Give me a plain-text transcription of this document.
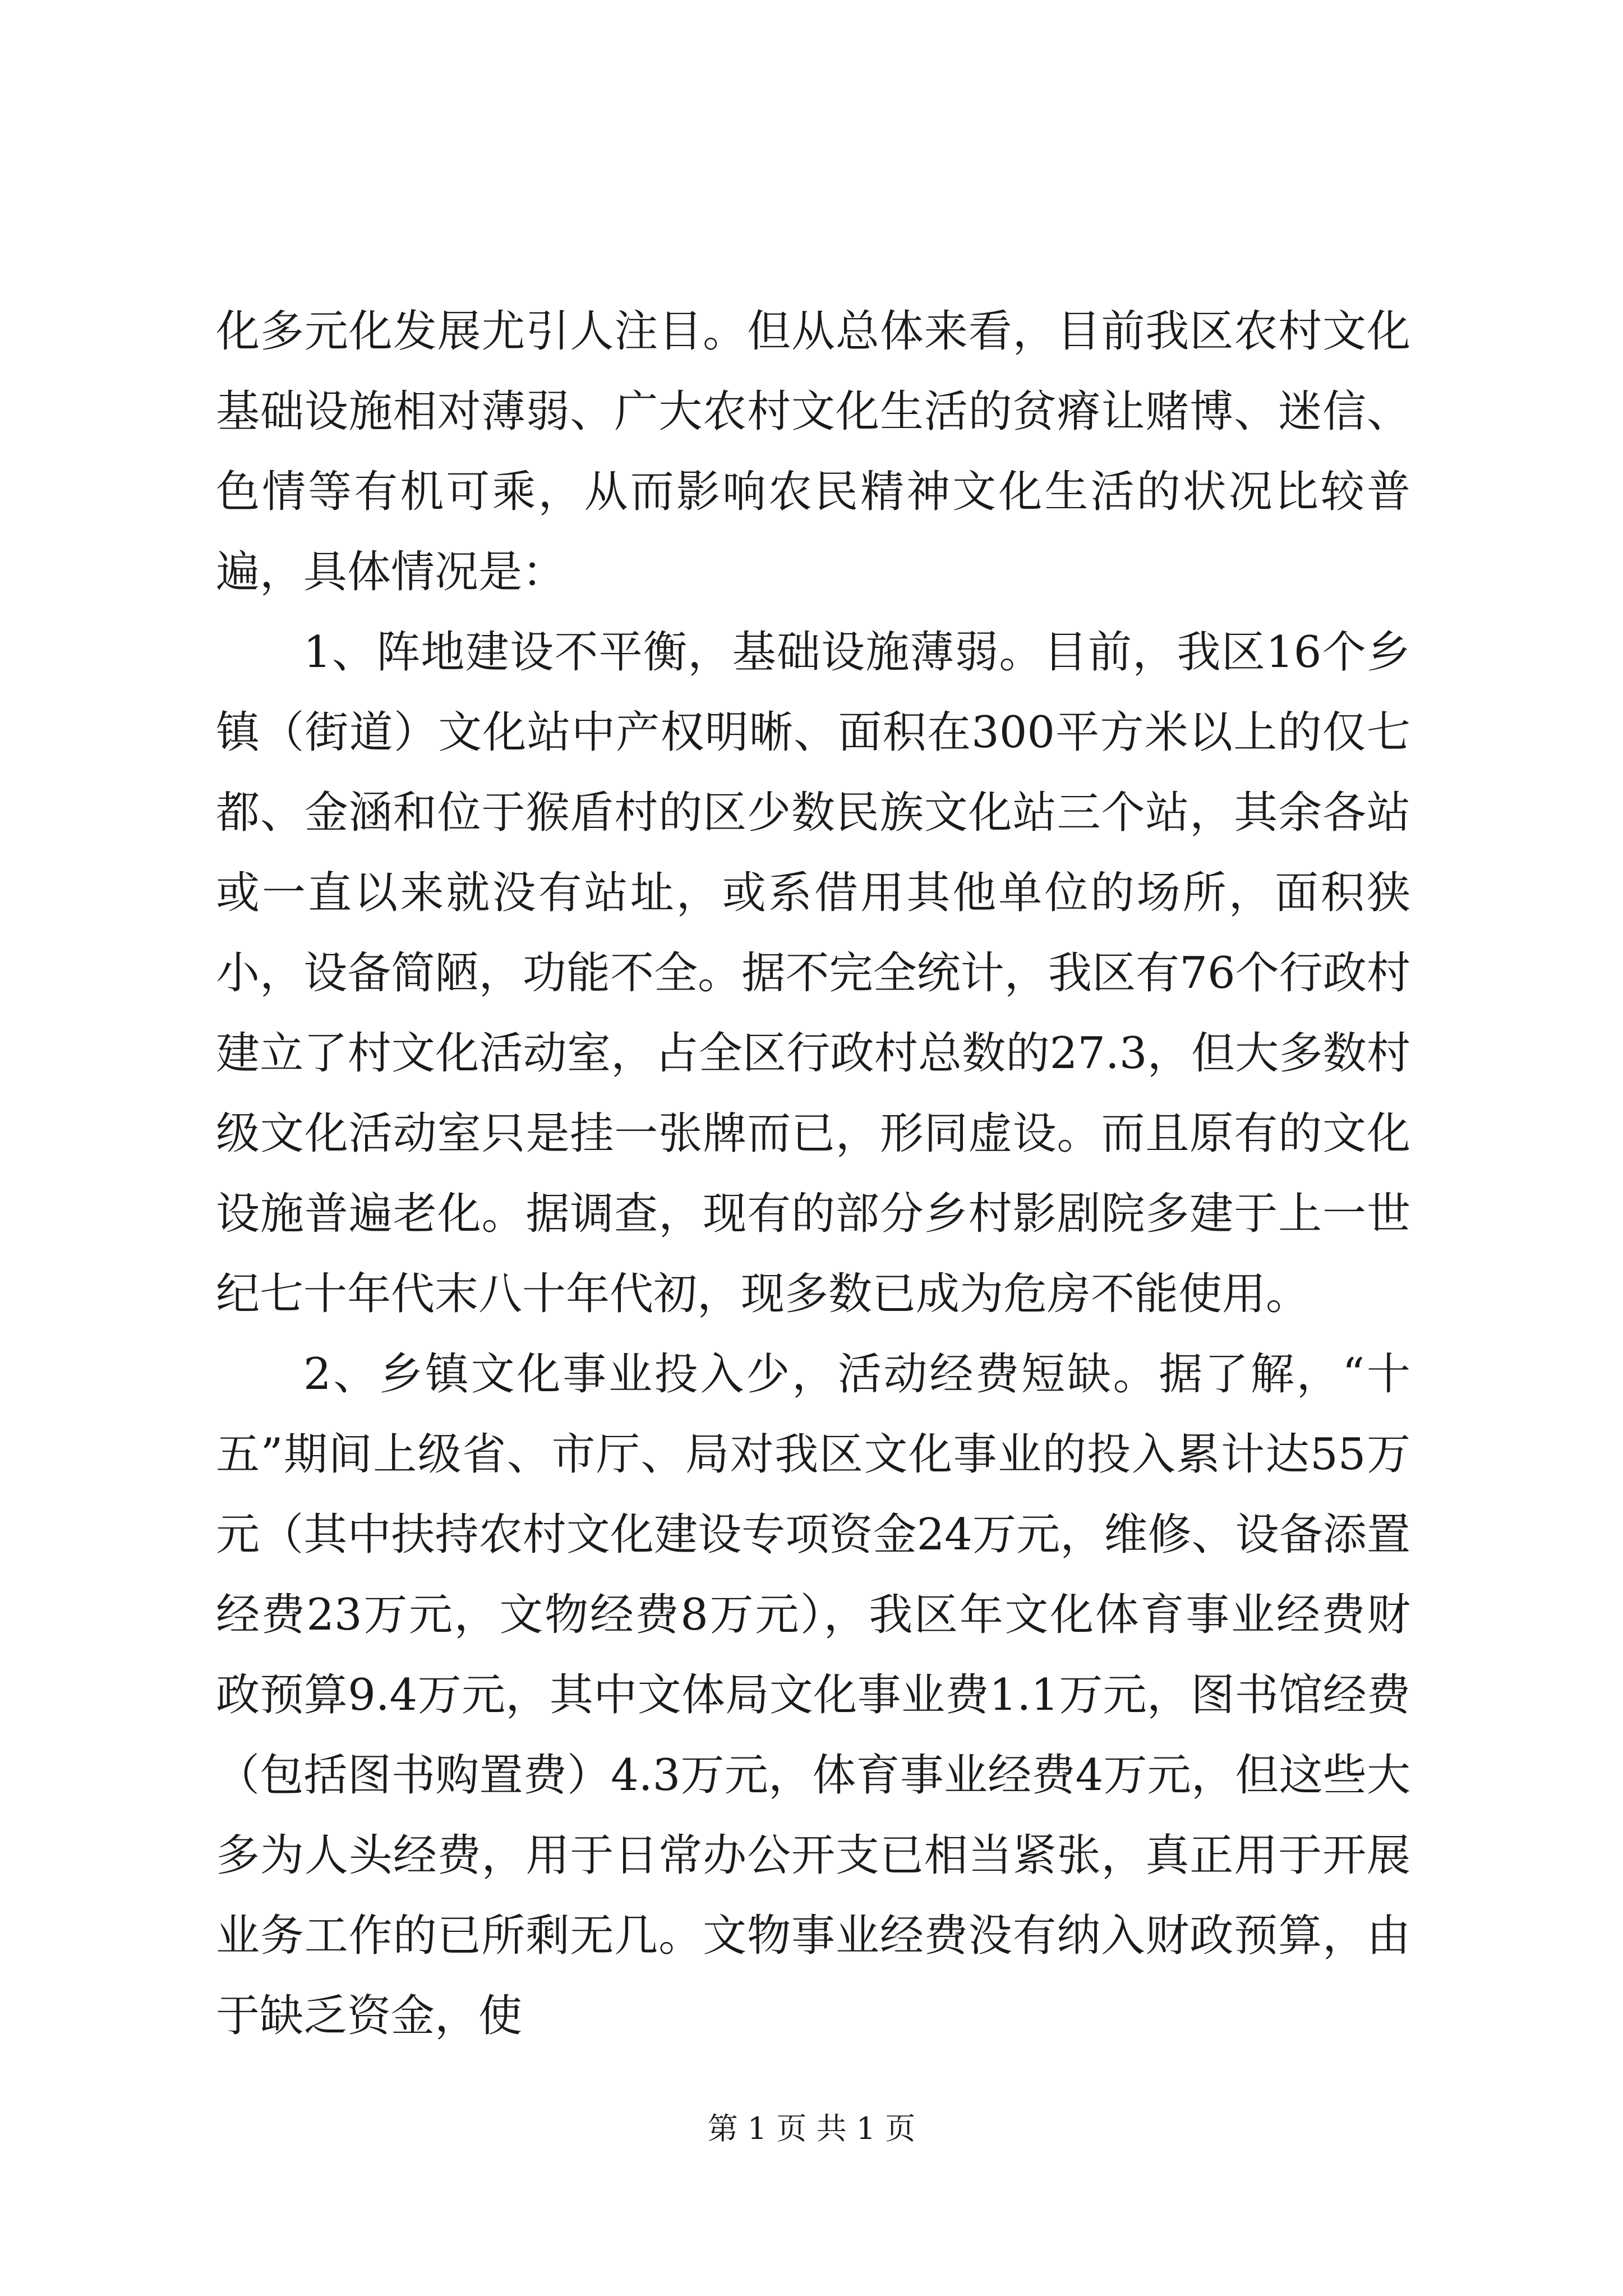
化多元化发展尤引人注目。但从总体来看，目前我区农村文化基础设施相对薄弱、广大农村文化生活的贫瘠让赌博、迷信、色情等有机可乘，从而影响农民精神文化生活的状况比较普遍，具体情况是：

1、阵地建设不平衡，基础设施薄弱。目前，我区16个乡镇（街道）文化站中产权明晰、面积在300平方米以上的仅七都、金涵和位于猴盾村的区少数民族文化站三个站，其余各站或一直以来就没有站址，或系借用其他单位的场所，面积狭小，设备简陋，功能不全。据不完全统计，我区有76个行政村建立了村文化活动室，占全区行政村总数的27.3，但大多数村级文化活动室只是挂一张牌而已，形同虚设。而且原有的文化设施普遍老化。据调查，现有的部分乡村影剧院多建于上一世纪七十年代末八十年代初，现多数已成为危房不能使用。

2、乡镇文化事业投入少，活动经费短缺。据了解，“十五”期间上级省、市厅、局对我区文化事业的投入累计达55万元（其中扶持农村文化建设专项资金24万元，维修、设备添置经费23万元，文物经费8万元），我区年文化体育事业经费财政预算9.4万元，其中文体局文化事业费1.1万元，图书馆经费（包括图书购置费）4.3万元，体育事业经费4万元，但这些大多为人头经费，用于日常办公开支已相当紧张，真正用于开展业务工作的已所剩无几。文物事业经费没有纳入财政预算，由于缺乏资金，使

第 1 页 共 1 页
